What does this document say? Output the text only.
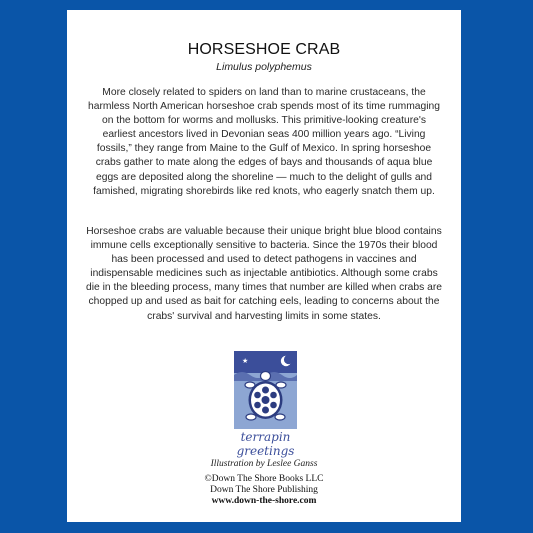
HORSESHOE CRAB
Limulus polyphemus
More closely related to spiders on land than to marine crustaceans, the harmless North American horseshoe crab spends most of its time rummaging on the bottom for worms and mollusks. This primitive-looking creature's earliest ancestors lived in Devonian seas 400 million years ago. “Living fossils,” they range from Maine to the Gulf of Mexico. In spring horseshoe crabs gather to mate along the edges of bays and thousands of aqua blue eggs are deposited along the shoreline — much to the delight of gulls and famished, migrating shorebirds like red knots, who eagerly snatch them up.
Horseshoe crabs are valuable because their unique bright blue blood contains immune cells exceptionally sensitive to bacteria. Since the 1970s their blood has been processed and used to detect pathogens in vaccines and indispensable medicines such as injectable antibiotics. Although some crabs die in the bleeding process, many times that number are killed when crabs are chopped up and used as bait for catching eels, leading to concerns about the crabs' survival and harvesting limits in some states.
★
terrapin
greetings
Illustration by Leslee Ganss
©Down The Shore Books LLC
Down The Shore Publishing
www.down-the-shore.com
